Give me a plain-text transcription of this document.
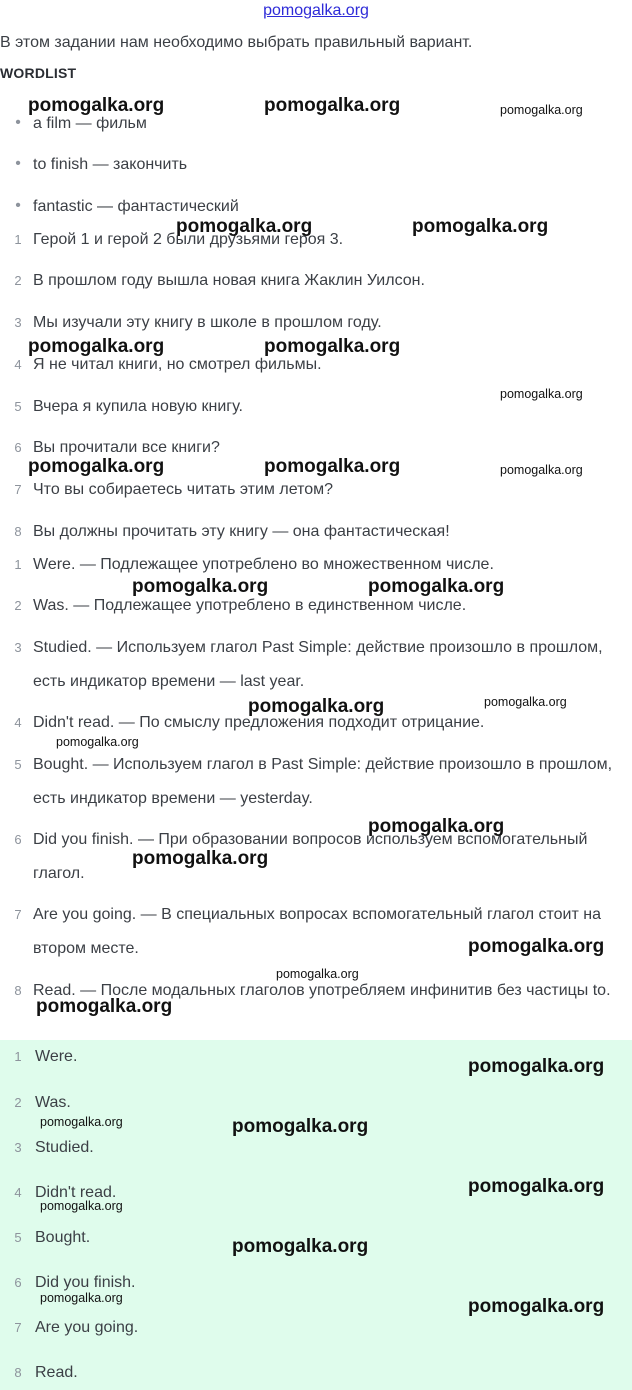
pomogalka.org
В этом задании нам необходимо выбрать правильный вариант.
WORDLIST
• a film — фильм
• to finish — закончить
• fantastic — фантастический
1 Герой 1 и герой 2 были друзьями героя 3.
2 В прошлом году вышла новая книга Жаклин Уилсон.
3 Мы изучали эту книгу в школе в прошлом году.
4 Я не читал книги, но смотрел фильмы.
5 Вчера я купила новую книгу.
6 Вы прочитали все книги?
7 Что вы собираетесь читать этим летом?
8 Вы должны прочитать эту книгу — она фантастическая!
1 Were. — Подлежащее употреблено во множественном числе.
2 Was. — Подлежащее употреблено в единственном числе.
3 Studied. — Используем глагол Past Simple: действие произошло в прошлом, есть индикатор времени — last year.
4 Didn't read. — По смыслу предложения подходит отрицание.
5 Bought. — Используем глагол в Past Simple: действие произошло в прошлом, есть индикатор времени — yesterday.
6 Did you finish. — При образовании вопросов используем вспомогательный глагол.
7 Are you going. — В специальных вопросах вспомогательный глагол стоит на втором месте.
8 Read. — После модальных глаголов употребляем инфинитив без частицы to.
1 Were.
2 Was.
3 Studied.
4 Didn't read.
5 Bought.
6 Did you finish.
7 Are you going.
8 Read.
pomogalka.org	pomogalka.org	pomogalka.org
pomogalka.org	pomogalka.org
pomogalka.org	pomogalka.org
pomogalka.org
pomogalka.org	pomogalka.org	pomogalka.org
pomogalka.org	pomogalka.org
pomogalka.org	pomogalka.org
pomogalka.org
pomogalka.org
pomogalka.org
pomogalka.org
pomogalka.org
pomogalka.org
pomogalka.org
pomogalka.org	pomogalka.org
pomogalka.org
pomogalka.org
pomogalka.org
pomogalka.org	pomogalka.org
